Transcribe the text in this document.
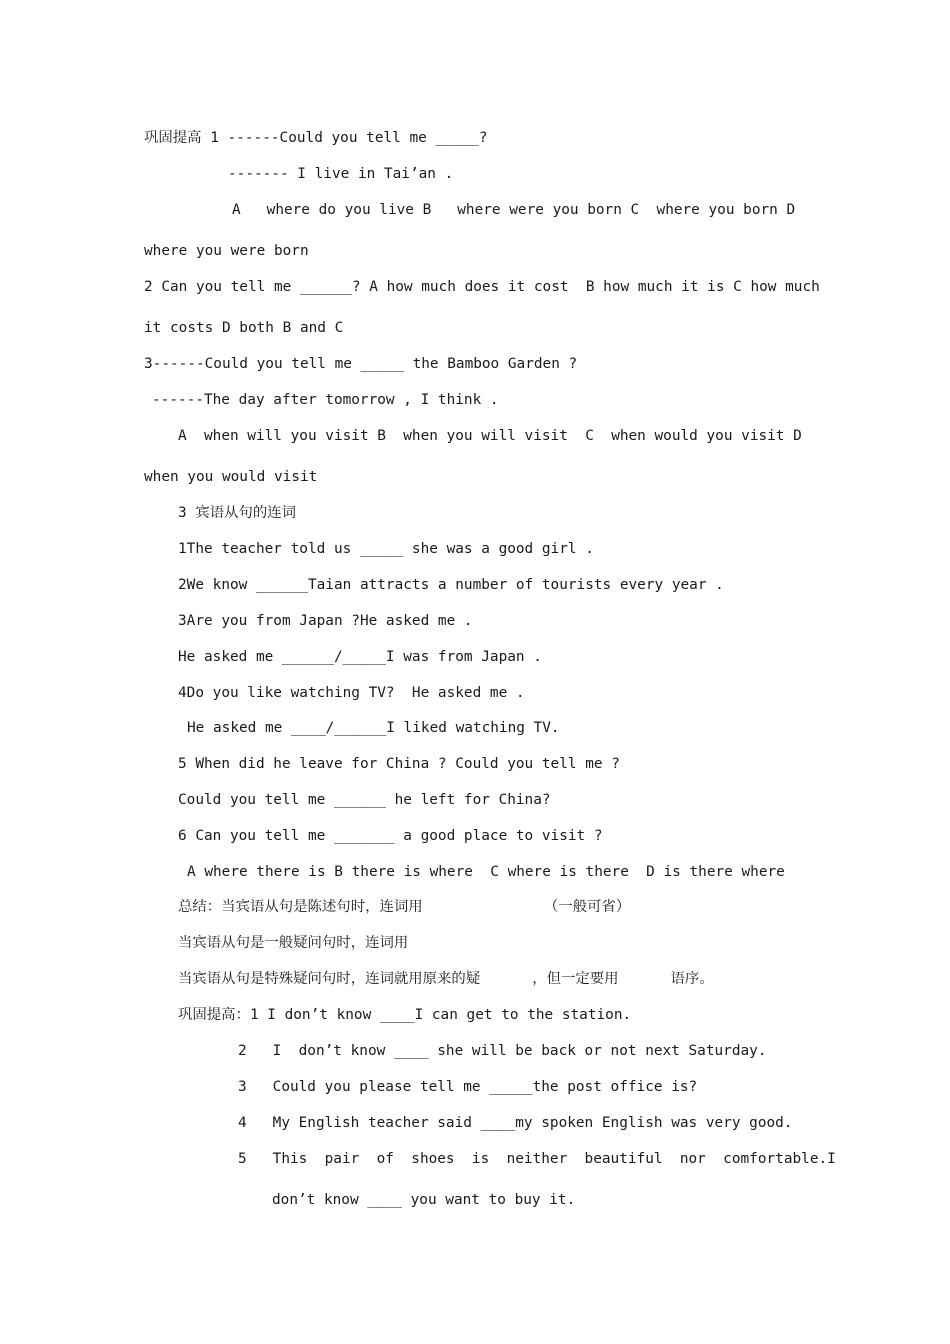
巩固提高 1 ------Could you tell me _____?
------- I live in Tai’an .
A   where do you live B   where were you born C  where you born D
where you were born
2 Can you tell me ______? A how much does it cost  B how much it is C how much
it costs D both B and C
3------Could you tell me _____ the Bamboo Garden ?
------The day after tomorrow , I think .
A  when will you visit B  when you will visit  C  when would you visit D
when you would visit
3 宾语从句的连词
1The teacher told us _____ she was a good girl .
2We know ______Taian attracts a number of tourists every year .
3Are you from Japan ?He asked me .
He asked me ______/_____I was from Japan .
4Do you like watching TV?  He asked me .
He asked me ____/______I liked watching TV.
5 When did he leave for China ? Could you tell me ?
Could you tell me ______ he left for China?
6 Can you tell me _______ a good place to visit ?
A where there is B there is where  C where is there  D is there where
总结：当宾语从句是陈述句时，连词用              （一般可省）
当宾语从句是一般疑问句时，连词用
当宾语从句是特殊疑问句时，连词就用原来的疑      ，但一定要用      语序。
巩固提高：1 I don’t know ____I can get to the station.
2   I  don’t know ____ she will be back or not next Saturday.
3   Could you please tell me _____the post office is?
4   My English teacher said ____my spoken English was very good.
5   This  pair  of  shoes  is  neither  beautiful  nor  comfortable.I
don’t know ____ you want to buy it.
